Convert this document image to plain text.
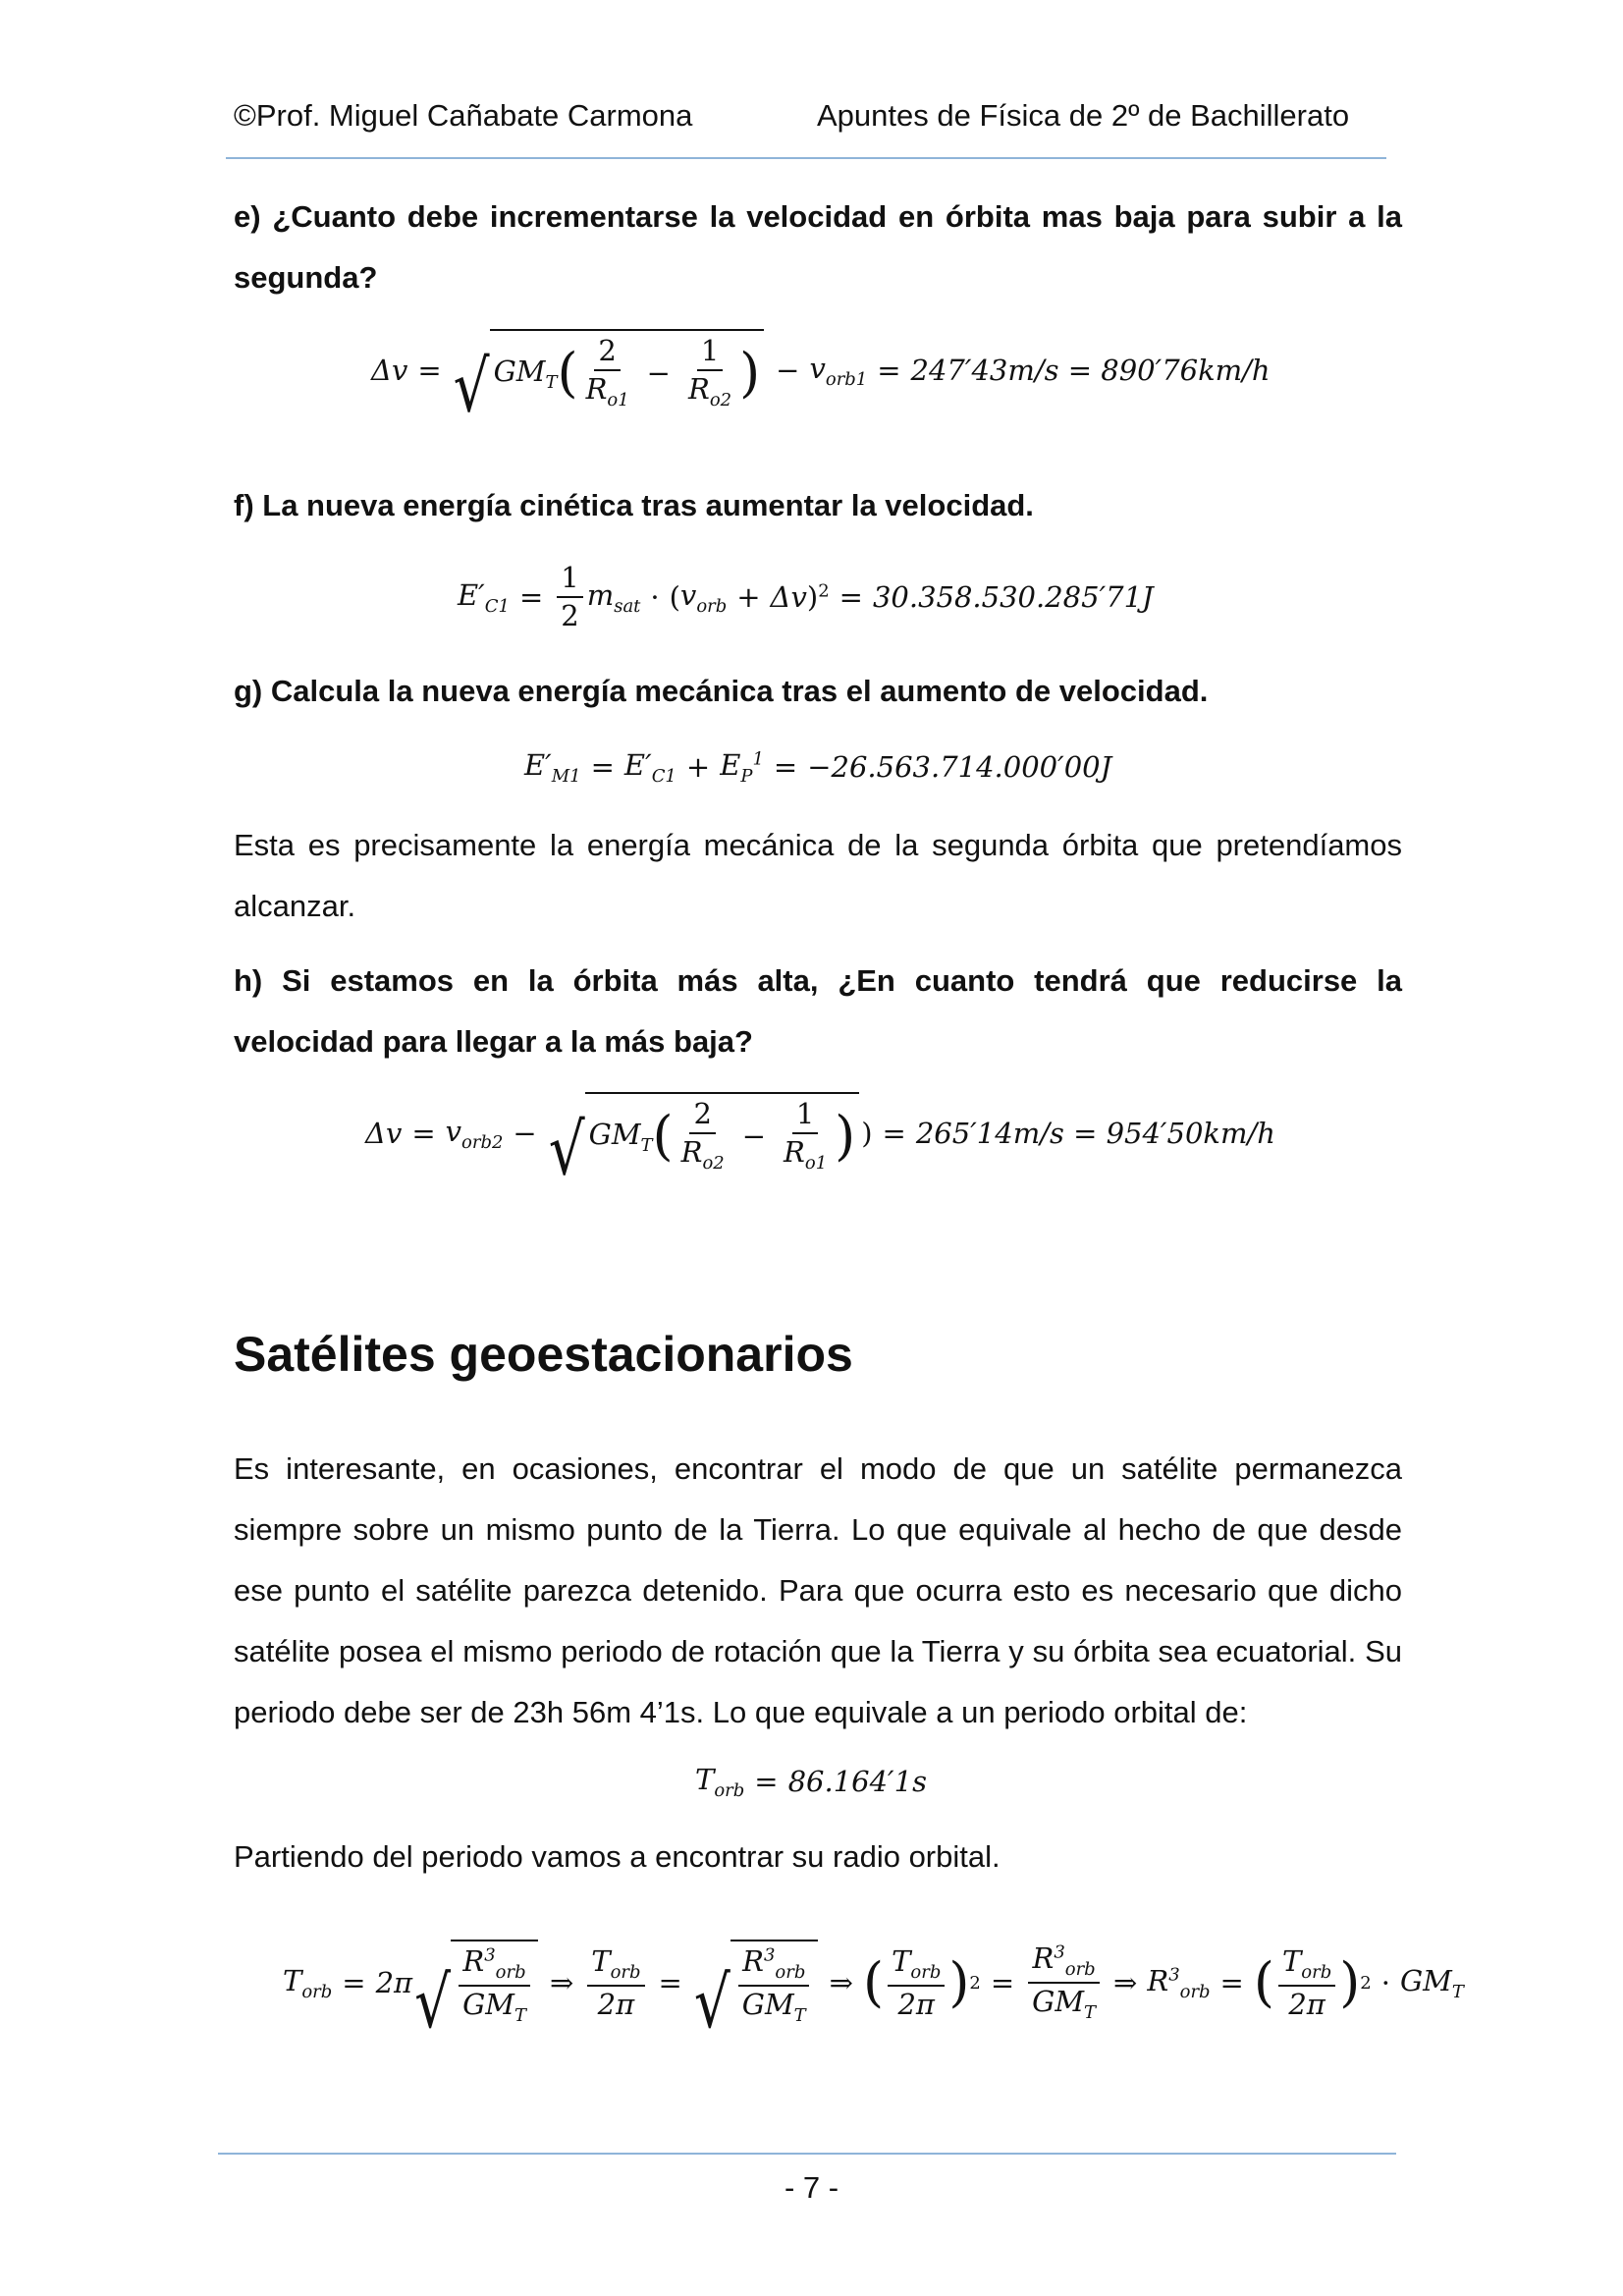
©Prof. Miguel Cañabate Carmona	Apuntes de Física de 2º de Bachillerato
e) ¿Cuanto debe incrementarse la velocidad en órbita mas baja para subir a la segunda?
Δv = √ $GM_T$ ( $\frac{2}{R_{o1}} - \frac{1}{R_{o2}}$ ) − $v_{orb1} = 247'43m/s = 890'76km/h$
f) La nueva energía cinética tras aumentar la velocidad.
$E'_{C1} = \frac{1}{2} m_{sat}$ · ( $v_{orb} + \Delta v$ )$^2$ = 30.358.530.285′71J
g) Calcula la nueva energía mecánica tras el aumento de velocidad.
$E'_{M1} = E'_{C1} + E_P^1 = -26.563.714.000'00J$
Esta es precisamente la energía mecánica de la segunda órbita que pretendíamos alcanzar.
h) Si estamos en la órbita más alta, ¿En cuanto tendrá que reducirse la velocidad para llegar a la más baja?
$\Delta v = v_{orb2}$ − √ $GM_T$ ( $\frac{2}{R_{o2}} - \frac{1}{R_{o1}}$ ) ) = 265′14m/s = 954′50km/h
Satélites geoestacionarios
Es interesante, en ocasiones, encontrar el modo de que un satélite permanezca siempre sobre un mismo punto de la Tierra. Lo que equivale al hecho de que desde ese punto el satélite parezca detenido. Para que ocurra esto es necesario que dicho satélite posea el mismo periodo de rotación que la Tierra y su órbita sea ecuatorial. Su periodo debe ser de 23h 56m 4’1s. Lo que equivale a un periodo orbital de:
$T_{orb} = 86.164'1s$
Partiendo del periodo vamos a encontrar su radio orbital.
$T_{orb} = 2\pi$ √ $\frac{R^3_{orb}}{GM_T}$ ⇒ $\frac{T_{orb}}{2\pi}$ = √ $\frac{R^3_{orb}}{GM_T}$ ⇒ ( $\frac{T_{orb}}{2\pi}$ ) $2 = \frac{R^3_{orb}}{GM_T}$ ⇒ $R^3_{orb}$ = ( $\frac{T_{orb}}{2\pi}$ ) $2 \cdot GM_T$
- 7 -
